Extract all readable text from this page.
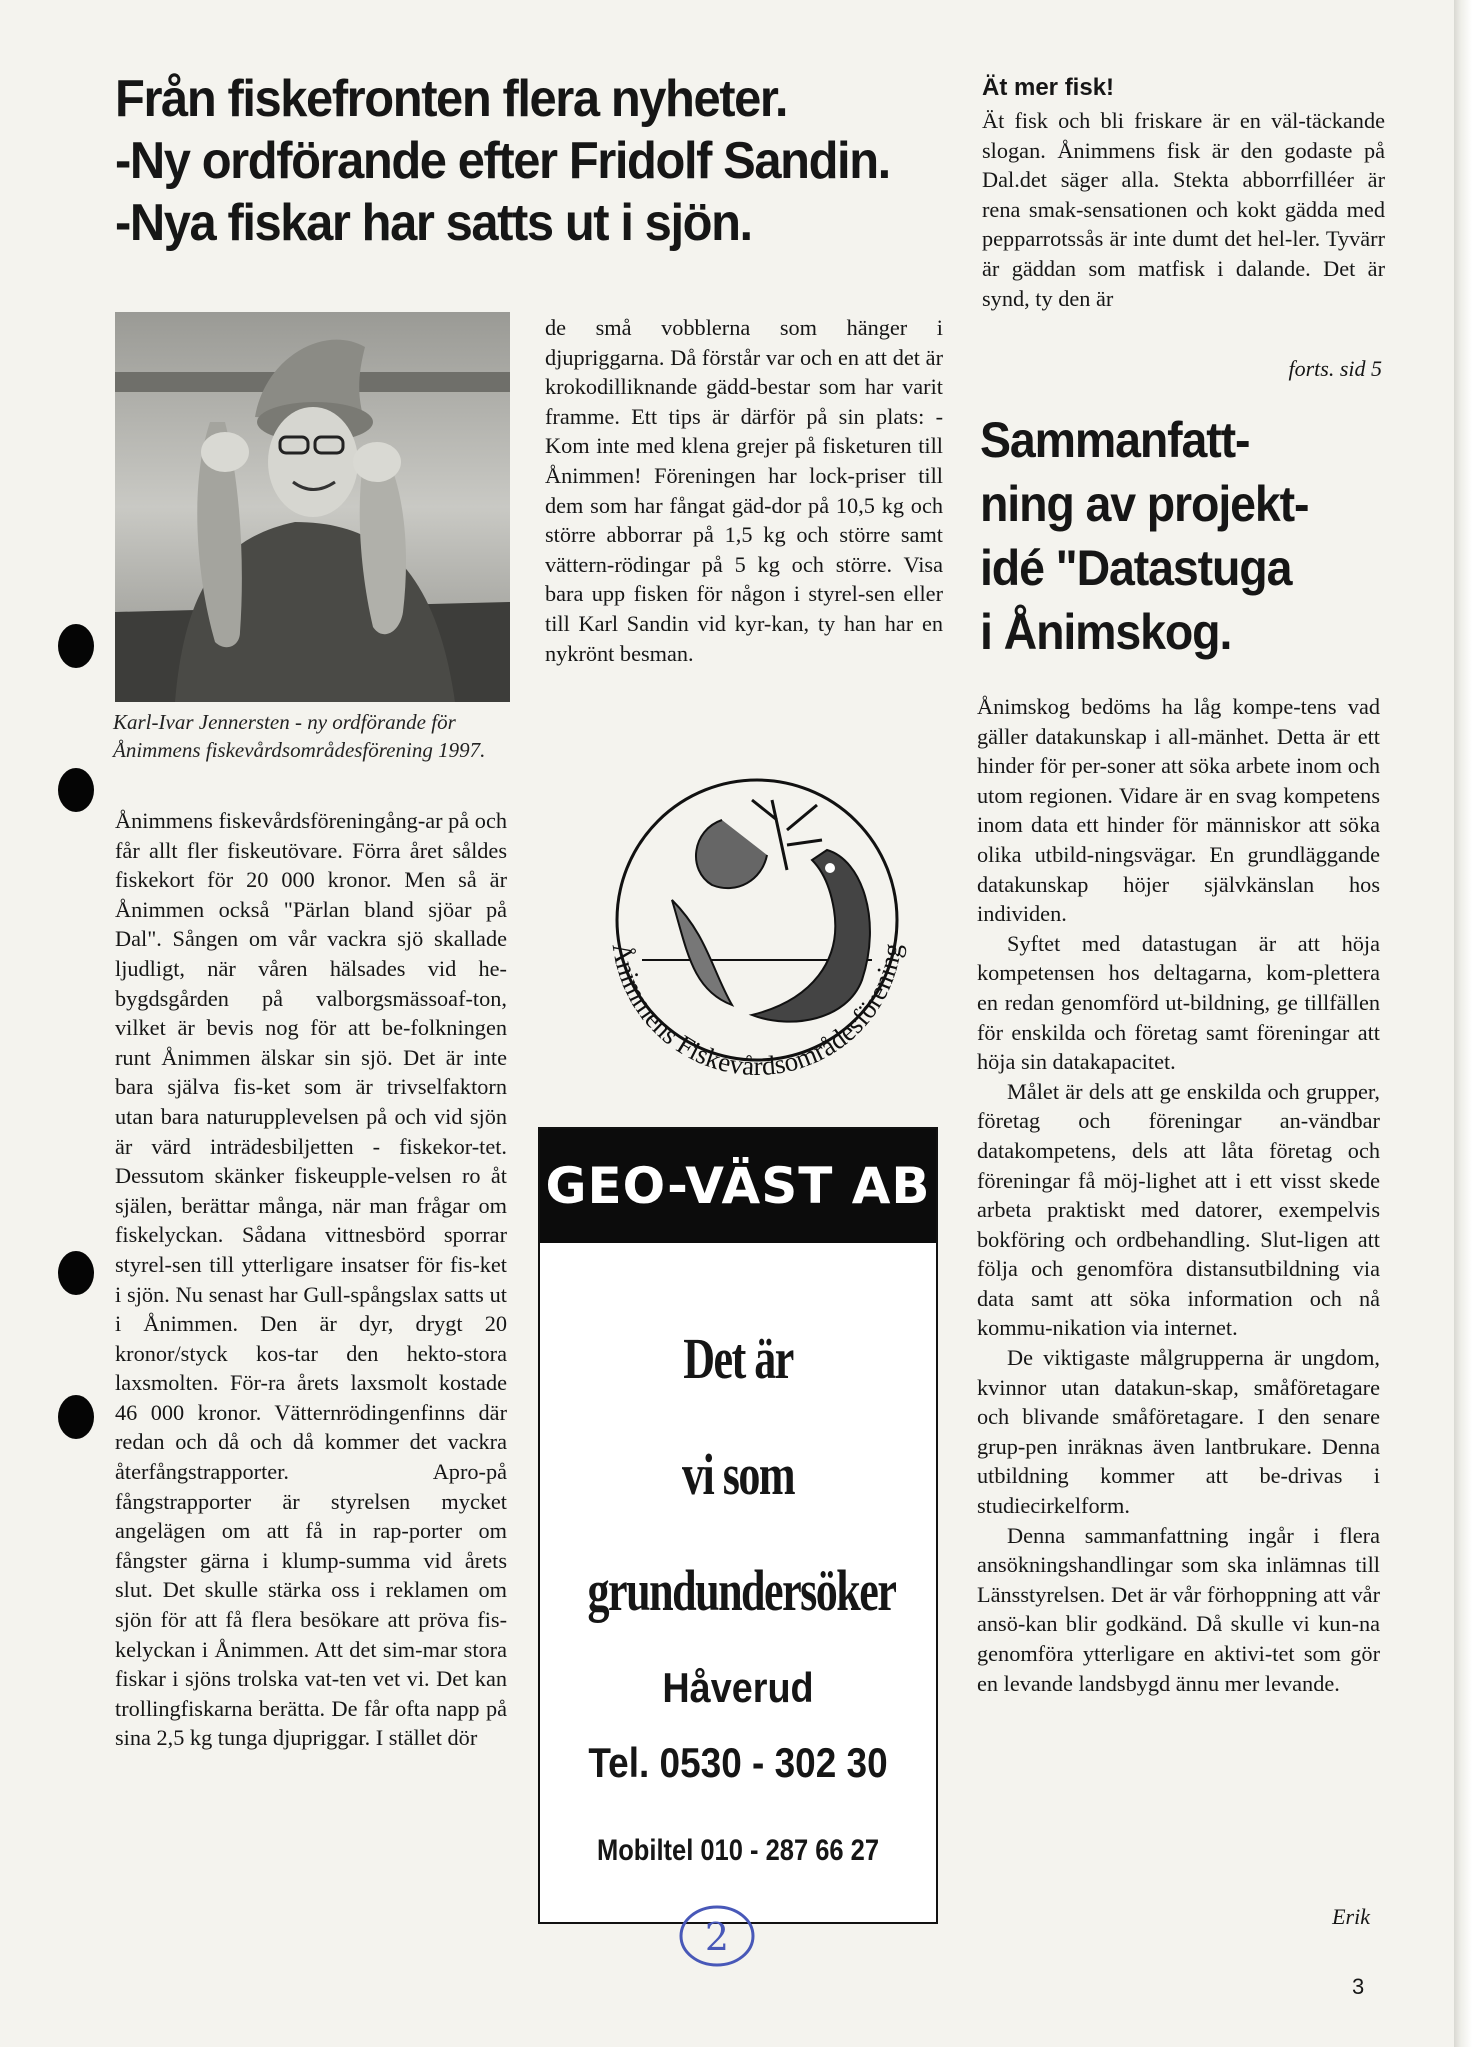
Från fiskefronten flera nyheter.
-Ny ordförande efter Fridolf Sandin.
-Nya fiskar har satts ut i sjön.

Karl-Ivar Jennersten - ny ordförande för
Ånimmens fiskevårdsområdesförening 1997.

Ånimmens fiskevårdsföreningång-ar på och får allt fler fiskeutövare. Förra året såldes fiskekort för 20 000 kronor. Men så är Ånimmen också "Pärlan bland sjöar på Dal". Sången om vår vackra sjö skallade ljudligt, när våren hälsades vid he-bygdsgården på valborgsmässoaf-ton, vilket är bevis nog för att be-folkningen runt Ånimmen älskar sin sjö. Det är inte bara själva fis-ket som är trivselfaktorn utan bara naturupplevelsen på och vid sjön är värd inträdesbiljetten - fiskekor-tet. Dessutom skänker fiskeupple-velsen ro åt själen, berättar många, när man frågar om fiskelyckan. Sådana vittnesbörd sporrar styrel-sen till ytterligare insatser för fis-ket i sjön. Nu senast har Gull-spångslax satts ut i Ånimmen. Den är dyr, drygt 20 kronor/styck kos-tar den hekto-stora laxsmolten. För-ra årets laxsmolt kostade 46 000 kronor. Vätternrödingenfinns där redan och då och då kommer det vackra återfångstrapporter. Apro-på fångstrapporter är styrelsen mycket angelägen om att få in rap-porter om fångster gärna i klump-summa vid årets slut. Det skulle stärka oss i reklamen om sjön för att få flera besökare att pröva fis-kelyckan i Ånimmen. Att det sim-mar stora fiskar i sjöns trolska vat-ten vet vi. Det kan trollingfiskarna berätta. De får ofta napp på sina 2,5 kg tunga djupriggar. I stället dör

de små vobblerna som hänger i djupriggarna. Då förstår var och en att det är krokodilliknande gädd-bestar som har varit framme. Ett tips är därför på sin plats: - Kom inte med klena grejer på fisketuren till Ånimmen! Föreningen har lock-priser till dem som har fångat gäd-dor på 10,5 kg och större abborrar på 1,5 kg och större samt vättern-rödingar på 5 kg och större. Visa bara upp fisken för någon i styrel-sen eller till Karl Sandin vid kyr-kan, ty han har en nykrönt besman.

Ånimmens Fiskevårdsområdesförening
GEO-VÄST AB
Det är
vi som
grundundersöker

Håverud

Tel. 0530 - 302 30

Mobiltel 010 - 287 66 27

Ät mer fisk!

Ät fisk och bli friskare är en väl-täckande slogan. Ånimmens fisk är den godaste på Dal.det säger alla. Stekta abborrfilléer är rena smak-sensationen och kokt gädda med pepparrotssås är inte dumt det hel-ler. Tyvärr är gäddan som matfisk i dalande. Det är synd, ty den är

forts. sid 5

Sammanfatt-
ning av projekt-
idé "Datastuga
i Ånimskog.

Ånimskog bedöms ha låg kompe-tens vad gäller datakunskap i all-mänhet. Detta är ett hinder för per-soner att söka arbete inom och utom regionen. Vidare är en svag kompetens inom data ett hinder för människor att söka olika utbild-ningsvägar. En grundläggande datakunskap höjer självkänslan hos individen.

Syftet med datastugan är att höja kompetensen hos deltagarna, kom-plettera en redan genomförd ut-bildning, ge tillfällen för enskilda och företag samt föreningar att höja sin datakapacitet.

Målet är dels att ge enskilda och grupper, företag och föreningar an-vändbar datakompetens, dels att låta företag och föreningar få möj-lighet att i ett visst skede arbeta praktiskt med datorer, exempelvis bokföring och ordbehandling. Slut-ligen att följa och genomföra distansutbildning via data samt att söka information och nå kommu-nikation via internet.

De viktigaste målgrupperna är ungdom, kvinnor utan datakun-skap, småföretagare och blivande småföretagare. I den senare grup-pen inräknas även lantbrukare. Denna utbildning kommer att be-drivas i studiecirkelform.

Denna sammanfattning ingår i flera ansökningshandlingar som ska inlämnas till Länsstyrelsen. Det är vår förhoppning att vår ansö-kan blir godkänd. Då skulle vi kun-na genomföra ytterligare en aktivi-tet som gör en levande landsbygd ännu mer levande.

Erik

2

3
